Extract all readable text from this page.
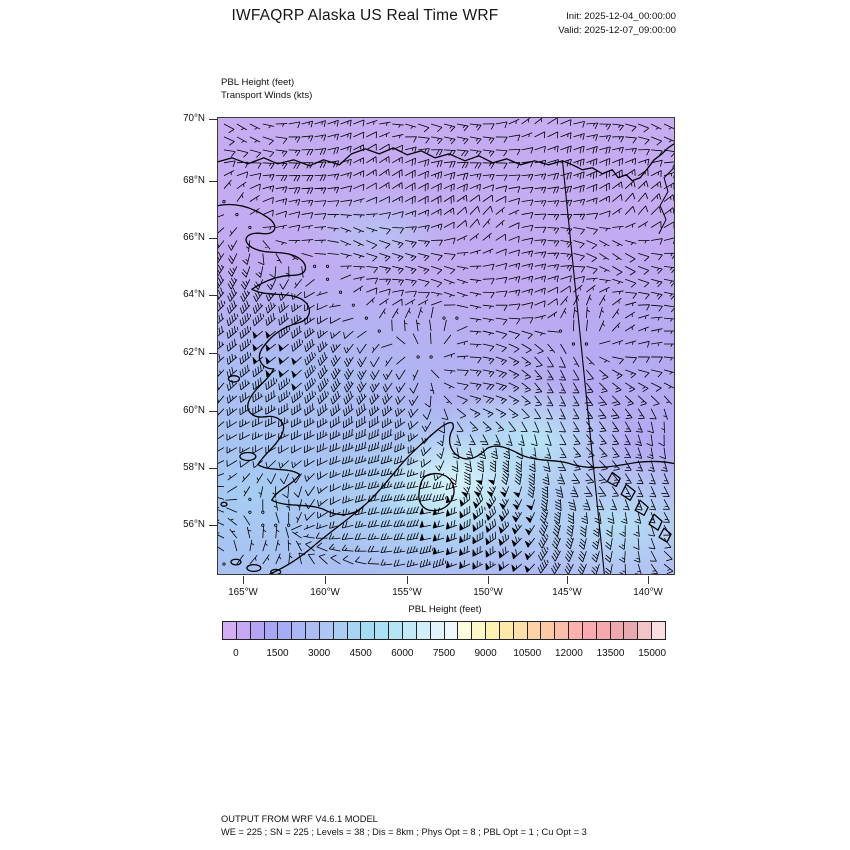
IWFAQRP Alaska US Real Time WRF	Init: 2025-12-04_00:00:00
Valid: 2025-12-07_09:00:00
PBL Height (feet)
Transport Winds (kts)
70°N
68°N
66°N
64°N
62°N
60°N
58°N
56°N
165°W	160°W	155°W	150°W	145°W	140°W
PBL Height (feet)
0	1500	3000	4500	6000	7500	9000	10500	12000	13500	15000
OUTPUT FROM WRF V4.6.1 MODEL
WE = 225 ; SN = 225 ; Levels = 38 ; Dis = 8km ; Phys Opt = 8 ; PBL Opt = 1 ; Cu Opt = 3
